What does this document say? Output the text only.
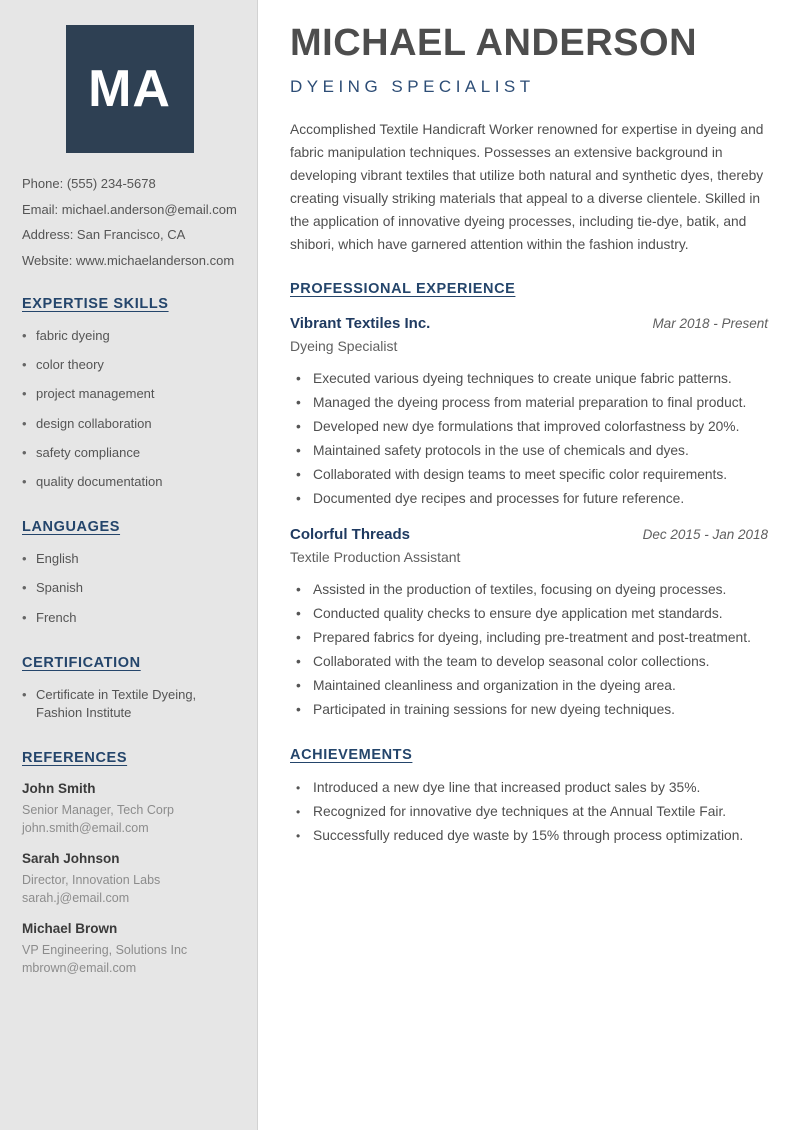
MA
Phone: (555) 234-5678
Email: michael.anderson@email.com
Address: San Francisco, CA
Website: www.michaelanderson.com
EXPERTISE SKILLS
• fabric dyeing
• color theory
• project management
• design collaboration
• safety compliance
• quality documentation
LANGUAGES
• English
• Spanish
• French
CERTIFICATION
• Certificate in Textile Dyeing, Fashion Institute
REFERENCES
John Smith
Senior Manager, Tech Corp
john.smith@email.com
Sarah Johnson
Director, Innovation Labs
sarah.j@email.com
Michael Brown
VP Engineering, Solutions Inc
mbrown@email.com
MICHAEL ANDERSON
DYEING SPECIALIST

Accomplished Textile Handicraft Worker renowned for expertise in dyeing and fabric manipulation techniques. Possesses an extensive background in developing vibrant textiles that utilize both natural and synthetic dyes, thereby creating visually striking materials that appeal to a diverse clientele. Skilled in the application of innovative dyeing processes, including tie-dye, batik, and shibori, which have garnered attention within the fashion industry.

PROFESSIONAL EXPERIENCE
Vibrant Textiles Inc.	Mar 2018 - Present
Dyeing Specialist
• Executed various dyeing techniques to create unique fabric patterns.
• Managed the dyeing process from material preparation to final product.
• Developed new dye formulations that improved colorfastness by 20%.
• Maintained safety protocols in the use of chemicals and dyes.
• Collaborated with design teams to meet specific color requirements.
• Documented dye recipes and processes for future reference.
Colorful Threads	Dec 2015 - Jan 2018
Textile Production Assistant
• Assisted in the production of textiles, focusing on dyeing processes.
• Conducted quality checks to ensure dye application met standards.
• Prepared fabrics for dyeing, including pre-treatment and post-treatment.
• Collaborated with the team to develop seasonal color collections.
• Maintained cleanliness and organization in the dyeing area.
• Participated in training sessions for new dyeing techniques.
ACHIEVEMENTS
• Introduced a new dye line that increased product sales by 35%.
• Recognized for innovative dye techniques at the Annual Textile Fair.
• Successfully reduced dye waste by 15% through process optimization.
